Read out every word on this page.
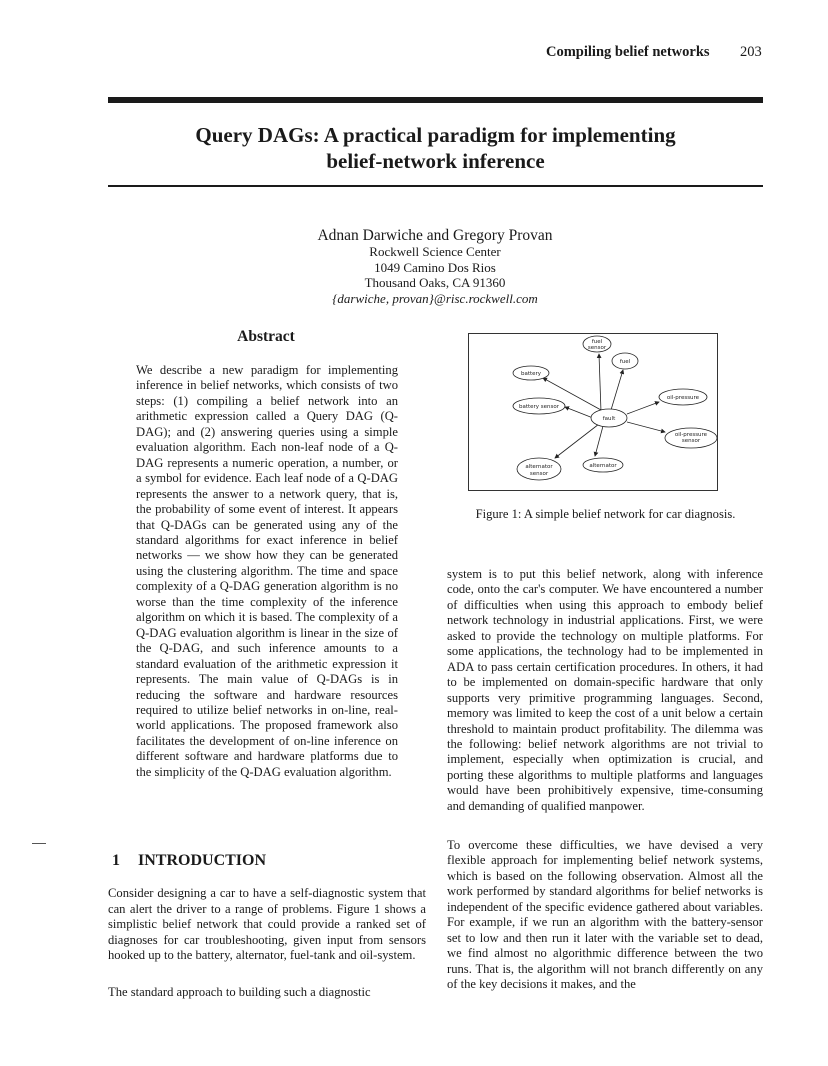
Compiling belief networks 203
Query DAGs: A practical paradigm for implementing
belief-network inference
Adnan Darwiche and Gregory Provan
Rockwell Science Center
1049 Camino Dos Rios
Thousand Oaks, CA 91360
{darwiche, provan}@risc.rockwell.com
Abstract

We describe a new paradigm for implementing inference in belief networks, which consists of two steps: (1) compiling a belief network into an arithmetic expression called a Query DAG (Q-DAG); and (2) answering queries using a simple evaluation algorithm. Each non-leaf node of a Q-DAG represents a numeric operation, a number, or a symbol for evidence. Each leaf node of a Q-DAG represents the answer to a network query, that is, the probability of some event of interest. It appears that Q-DAGs can be generated using any of the standard algorithms for exact inference in belief networks — we show how they can be generated using the clustering algorithm. The time and space complexity of a Q-DAG generation algorithm is no worse than the time complexity of the inference algorithm on which it is based. The complexity of a Q-DAG evaluation algorithm is linear in the size of the Q-DAG, and such inference amounts to a standard evaluation of the arithmetic expression it represents. The main value of Q-DAGs is in reducing the software and hardware resources required to utilize belief networks in on-line, real-world applications. The proposed framework also facilitates the development of on-line inference on different software and hardware platforms due to the simplicity of the Q-DAG evaluation algorithm.

1 INTRODUCTION

Consider designing a car to have a self-diagnostic system that can alert the driver to a range of problems. Figure 1 shows a simplistic belief network that could provide a ranked set of diagnoses for car troubleshooting, given input from sensors hooked up to the battery, alternator, fuel-tank and oil-system.

The standard approach to building such a diagnostic

fuel
sensor
fuel
battery
oil-pressure
battery sensor
fault
oil-pressure
sensor
alternator
alternator
sensor
Figure 1: A simple belief network for car diagnosis.

system is to put this belief network, along with inference code, onto the car's computer. We have encountered a number of difficulties when using this approach to embody belief network technology in industrial applications. First, we were asked to provide the technology on multiple platforms. For some applications, the technology had to be implemented in ADA to pass certain certification procedures. In others, it had to be implemented on domain-specific hardware that only supports very primitive programming languages. Second, memory was limited to keep the cost of a unit below a certain threshold to maintain product profitability. The dilemma was the following: belief network algorithms are not trivial to implement, especially when optimization is crucial, and porting these algorithms to multiple platforms and languages would have been prohibitively expensive, time-consuming and demanding of qualified manpower.

To overcome these difficulties, we have devised a very flexible approach for implementing belief network systems, which is based on the following observation. Almost all the work performed by standard algorithms for belief networks is independent of the specific evidence gathered about variables. For example, if we run an algorithm with the battery-sensor set to low and then run it later with the variable set to dead, we find almost no algorithmic difference between the two runs. That is, the algorithm will not branch differently on any of the key decisions it makes, and the
